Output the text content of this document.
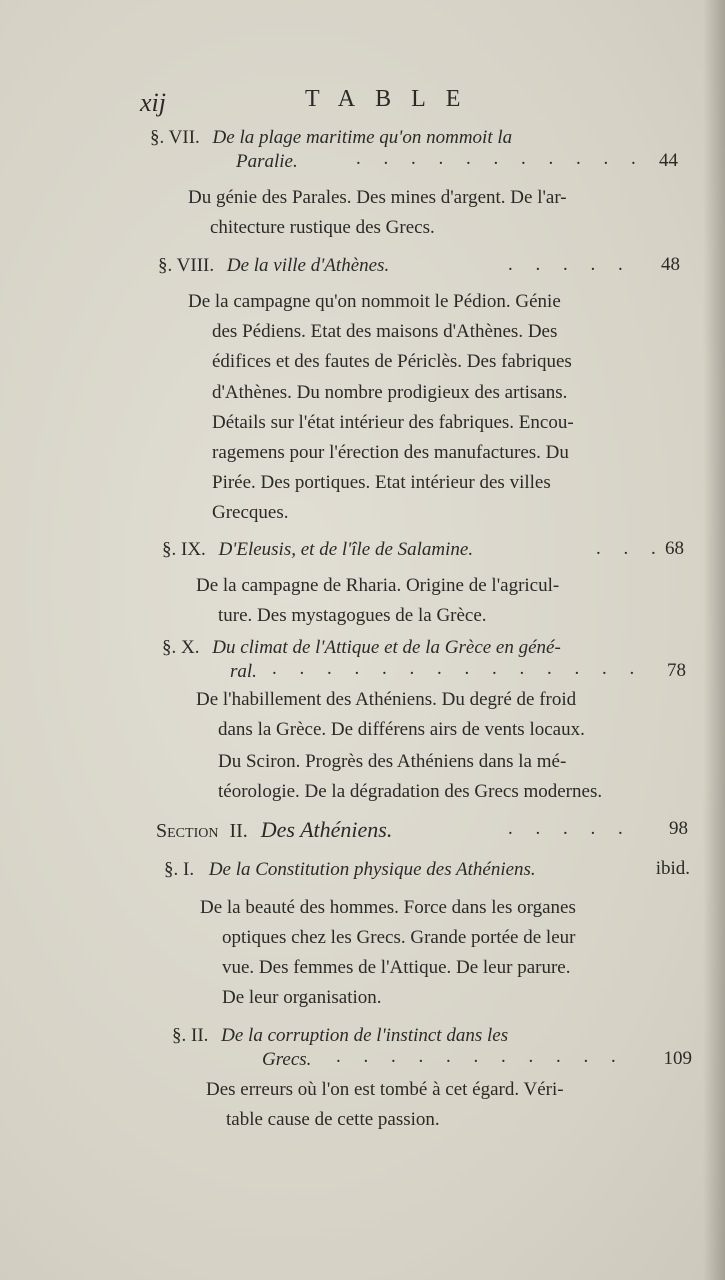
xij	TABLE
§. VII. De la plage maritime qu'on nommoit la
Paralie.	. . . . . . . . . . . 44
Du génie des Parales. Des mines d'argent. De l'ar-
chitecture rustique des Grecs.
§. VIII. De la ville d'Athènes.	. . . . .	48
De la campagne qu'on nommoit le Pédion. Génie
des Pédiens. Etat des maisons d'Athènes. Des
édifices et des fautes de Périclès. Des fabriques
d'Athènes. Du nombre prodigieux des artisans.
Détails sur l'état intérieur des fabriques. Encou-
ragemens pour l'érection des manufactures. Du
Pirée. Des portiques. Etat intérieur des villes
Grecques.
§. IX. D'Eleusis, et de l'île de Salamine.	. . . 68
De la campagne de Rharia. Origine de l'agricul-
ture. Des mystagogues de la Grèce.
§. X. Du climat de l'Attique et de la Grèce en géné-
ral. . . . . . . . . . . . . . .	78
De l'habillement des Athéniens. Du degré de froid
dans la Grèce. De différens airs de vents locaux.
Du Sciron. Progrès des Athéniens dans la mé-
téorologie. De la dégradation des Grecs modernes.
Section II. Des Athéniens.	. . . . .	98
§. I. De la Constitution physique des Athéniens.	ibid.
De la beauté des hommes. Force dans les organes
optiques chez les Grecs. Grande portée de leur
vue. Des femmes de l'Attique. De leur parure.
De leur organisation.
§. II. De la corruption de l'instinct dans les
Grecs. . . . . . . . . . . .	109
Des erreurs où l'on est tombé à cet égard. Véri-
table cause de cette passion.
